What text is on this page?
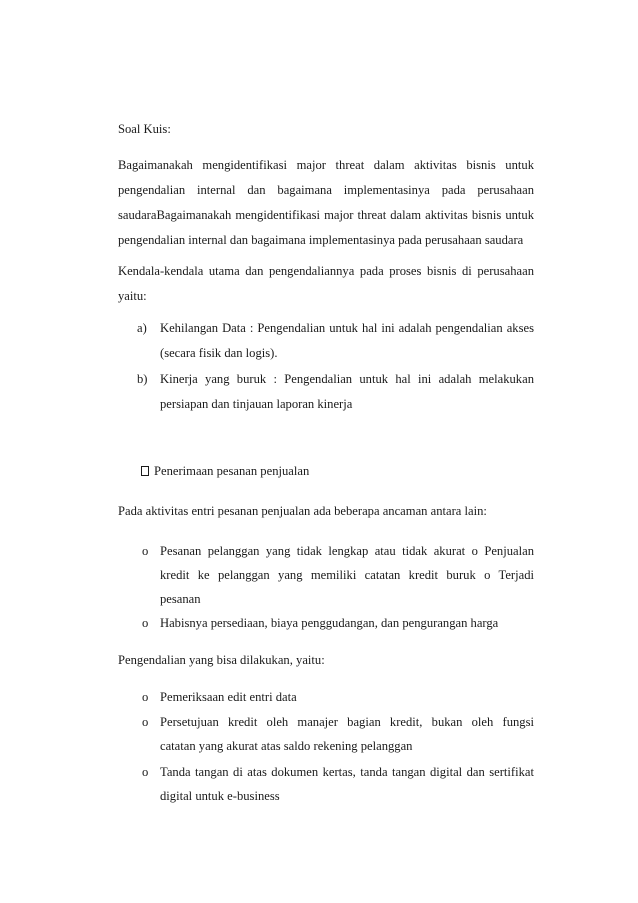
Soal Kuis:
Bagaimanakah mengidentifikasi major threat dalam aktivitas bisnis untuk
pengendalian internal dan bagaimana implementasinya pada perusahaan
saudaraBagaimanakah mengidentifikasi major threat dalam aktivitas bisnis untuk
pengendalian internal dan bagaimana implementasinya pada perusahaan saudara
Kendala-kendala utama dan pengendaliannya pada proses bisnis di perusahaan
yaitu:
a) Kehilangan Data : Pengendalian untuk hal ini adalah pengendalian akses
(secara fisik dan logis).
b) Kinerja yang buruk : Pengendalian untuk hal ini adalah melakukan
persiapan dan tinjauan laporan kinerja
Penerimaan pesanan penjualan
Pada aktivitas entri pesanan penjualan ada beberapa ancaman antara lain:
o Pesanan pelanggan yang tidak lengkap atau tidak akurat o Penjualan
kredit ke pelanggan yang memiliki catatan kredit buruk o Terjadi
pesanan
o Habisnya persediaan, biaya penggudangan, dan pengurangan harga
Pengendalian yang bisa dilakukan, yaitu:
o Pemeriksaan edit entri data
o Persetujuan kredit oleh manajer bagian kredit, bukan oleh fungsi
catatan yang akurat atas saldo rekening pelanggan
o Tanda tangan di atas dokumen kertas, tanda tangan digital dan sertifikat
digital untuk e-business
